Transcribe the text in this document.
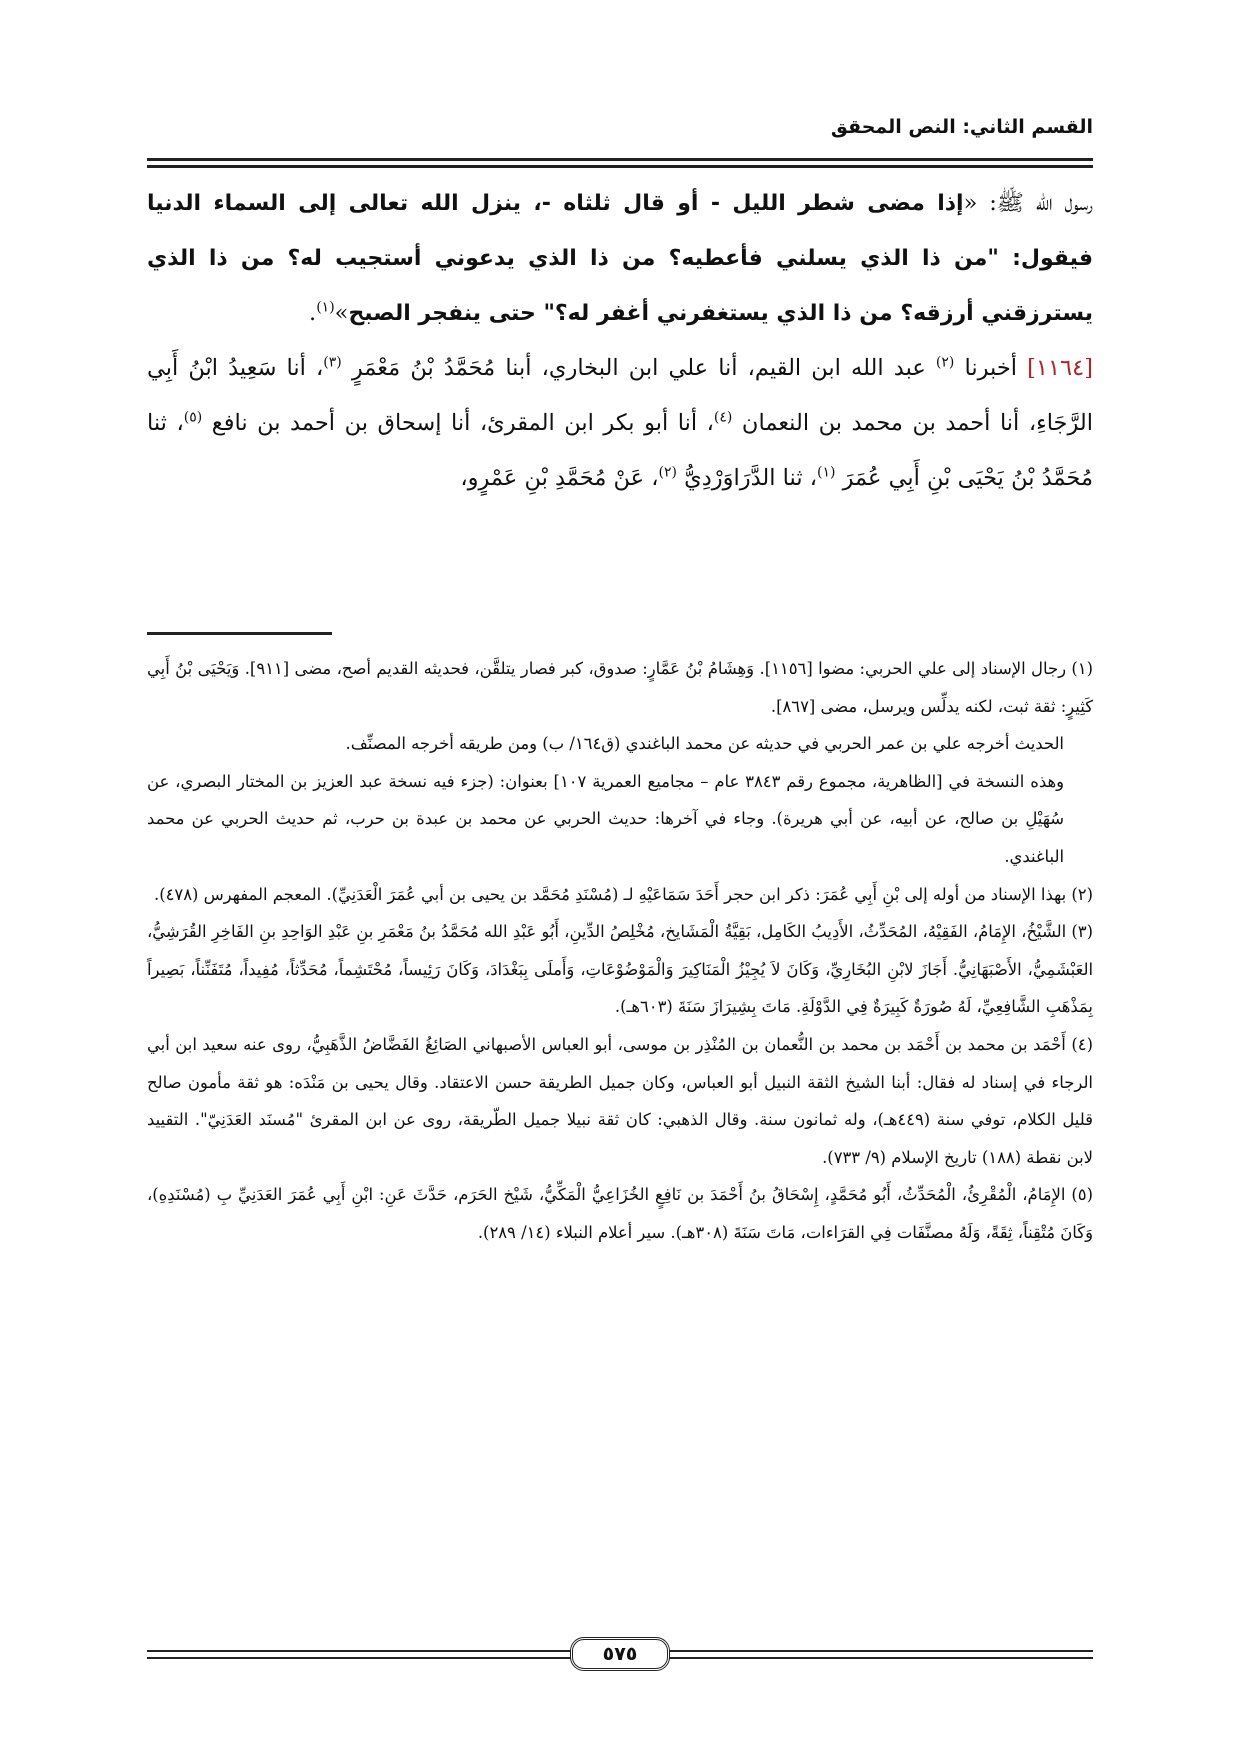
القسم الثاني: النص المحقق

رسول الله ﷺ: «إذا مضى شطر الليل - أو قال ثلثاه -، ينزل الله تعالى إلى السماء الدنيا فيقول: "من ذا الذي يسلني فأعطيه؟ من ذا الذي يدعوني أستجيب له؟ من ذا الذي يسترزقني أرزقه؟ من ذا الذي يستغفرني أغفر له؟" حتى ينفجر الصبح»$^{(١)}$.

[١١٦٤] أخبرنا $^{(٢)}$ عبد الله ابن القيم، أنا علي ابن البخاري، أبنا مُحَمَّدُ بْنُ مَعْمَرٍ $^{(٣)}$، أنا سَعِيدُ ابْنُ أَبِي الرَّجَاءِ، أنا أحمد بن محمد بن النعمان $^{(٤)}$، أنا أبو بكر ابن المقرئ، أنا إسحاق بن أحمد بن نافع $^{(٥)}$، ثنا مُحَمَّدُ بْنُ يَحْيَى بْنِ أَبِي عُمَرَ $^{(١)}$، ثنا الدَّرَاوَرْدِيُّ $^{(٢)}$، عَنْ مُحَمَّدِ بْنِ عَمْرٍو،

(١) رجال الإسناد إلى علي الحربي: مضوا [١١٥٦]. وَهِشَامُ بْنُ عَمَّارٍ: صدوق، كبر فصار يتلقَّن، فحديثه القديم أصح، مضى [٩١١]. وَيَحْيَى بْنُ أَبِي كَثِيرٍ: ثقة ثبت، لكنه يدلِّس ويرسل، مضى [٨٦٧].

الحديث أخرجه علي بن عمر الحربي في حديثه عن محمد الباغندي (ق١٦٤/ ب) ومن طريقه أخرجه المصنِّف.

وهذه النسخة في [الظاهرية، مجموع رقم ٣٨٤٣ عام – مجاميع العمرية ١٠٧] بعنوان: (جزء فيه نسخة عبد العزيز بن المختار البصري، عن سُهَيْلِ بن صالح، عن أبيه، عن أبي هريرة). وجاء في آخرها: حديث الحربي عن محمد بن عبدة بن حرب، ثم حديث الحربي عن محمد الباغندي.

(٢) بهذا الإسناد من أوله إلى بْنِ أَبِي عُمَرَ: ذكر ابن حجر أَحَدَ سَمَاعَيْهِ لـ (مُسْنَدِ مُحَمَّد بن يحيى بن أبي عُمَرَ الْعَدَنِيِّ). المعجم المفهرس (٤٧٨).

(٣) الشَّيْخُ، الإِمَامُ، الفَقِيْهُ، المُحَدِّثُ، الأَدِيبُ الكَامِل، بَقِيَّةُ الْمَشَايخ، مُخْلِصُ الدِّينِ، أَبُو عَبْدِ الله مُحَمَّدُ بنُ مَعْمَرِ بنِ عَبْدِ الوَاحِدِ بنِ الفَاخِرِ القُرَشِيُّ، العَبْشَمِيُّ، الأَصْبَهَانِيُّ. أَجَازَ لابْنِ البُخَارِيِّ، وَكَانَ لاَ يُجِيْزُ الْمَنَاكِيرَ وَالْمَوْضُوْعَاتِ، وَأَملَى بِبَغْدَادَ، وَكَانَ رَئِيساً، مُحْتَشِماً، مُحَدِّثاً، مُفِيداً، مُتَفَنِّناً، بَصِيراً بِمَذْهَبِ الشَّافِعِيِّ، لَهُ صُورَةٌ كَبِيرَةٌ فِي الدَّوْلَةِ. مَاتَ بِشِيرَازَ سَنَةَ (٦٠٣هـ).

(٤) أَحْمَد بن محمد بن أَحْمَد بن محمد بن النُّعمان بن المُنْذِر بن موسى، أبو العباس الأصبهاني الصَائِغُ الفَضَّاضُ الذَّهَبِيُّ، روى عنه سعيد ابن أبي الرجاء في إسناد له فقال: أبنا الشيخ الثقة النبيل أبو العباس، وكان جميل الطريقة حسن الاعتقاد. وقال يحيى بن مَنْدَه: هو ثقة مأمون صالح قليل الكلام، توفي سنة (٤٤٩هـ)، وله ثمانون سنة. وقال الذهبي: كان ثقة نبيلا جميل الطّريقة، روى عن ابن المقرئ "مُسنَد العَدَنِيّ". التقييد لابن نقطة (١٨٨) تاريخ الإسلام (٩/ ٧٣٣).

(٥) الإِمَامُ، الْمُقْرِئُ، الْمُحَدِّثُ، أَبُو مُحَمَّدٍ، إِسْحَاقُ بنُ أَحْمَدَ بن نَافِعٍ الخُزَاعِيُّ الْمَكِّيُّ، شَيْخ الحَرَم، حَدَّثَ عَنِ: ابْنِ أَبِي عُمَرَ العَدَنِيِّ بِ (مُسْنَدِهِ)، وَكَانَ مُتْقِناً، ثِقَةً، وَلَهُ مصنَّفَات فِي القرَاءات، مَاتَ سَنَةَ (٣٠٨هـ). سير أعلام النبلاء (١٤/ ٢٨٩).

٥٧٥
